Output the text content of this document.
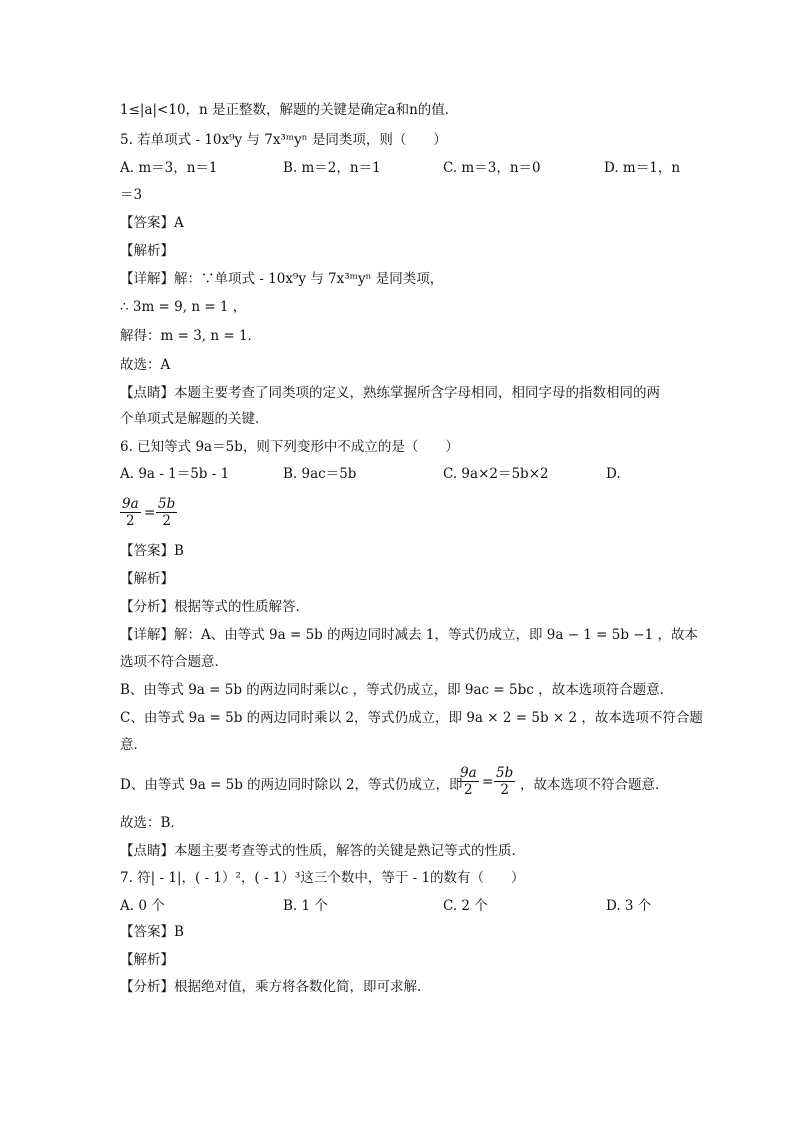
1≤|a|<10，n 是正整数，解题的关键是确定a和n的值．
5. 若单项式 - 10x⁹y 与 7x³ᵐyⁿ 是同类项，则（　　）
A. m＝3，n＝1	B. m＝2，n＝1	C. m＝3，n＝0	D. m＝1，n
＝3
【答案】A
【解析】
【详解】解：∵单项式 - 10x⁹y 与 7x³ᵐyⁿ 是同类项，
∴ 3m = 9, n = 1 ，
解得：m = 3, n = 1．
故选：A
【点睛】本题主要考查了同类项的定义，熟练掌握所含字母相同，相同字母的指数相同的两
个单项式是解题的关键．
6. 已知等式 9a＝5b，则下列变形中不成立的是（　　）
A. 9a - 1＝5b - 1	B. 9ac＝5b	C. 9a×2＝5b×2	D.
$\frac{9a}{2} = \frac{5b}{2}$
【答案】B
【解析】
【分析】根据等式的性质解答．
【详解】解：A、由等式 9a = 5b 的两边同时减去 1，等式仍成立，即 9a − 1 = 5b −1 ，故本
选项不符合题意．
B、由等式 9a = 5b 的两边同时乘以c ，等式仍成立，即 9ac = 5bc ，故本选项符合题意．
C、由等式 9a = 5b 的两边同时乘以 2，等式仍成立，即 9a × 2 = 5b × 2 ，故本选项不符合题
意．
D、由等式 9a = 5b 的两边同时除以 2，等式仍成立，即
$\frac{9a}{2} = \frac{5b}{2}$ ，故本选项不符合题意．
故选：B．
【点睛】本题主要考查等式的性质，解答的关键是熟记等式的性质．
7. 符| - 1|，( - 1）²，( - 1）³这三个数中，等于 - 1的数有（　　）
A. 0 个	B. 1 个	C. 2 个	D. 3 个
【答案】B
【解析】
【分析】根据绝对值，乘方将各数化简，即可求解．
